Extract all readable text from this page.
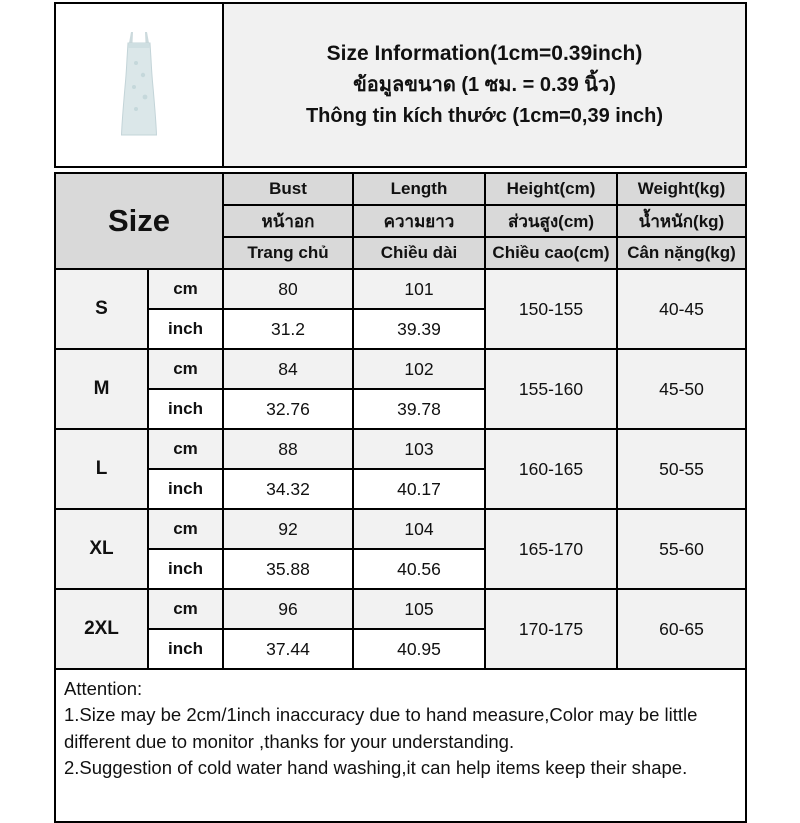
Size Information(1cm=0.39inch)
ข้อมูลขนาด (1 ซม. = 0.39 นิ้ว)
Thông tin kích thước (1cm=0,39 inch)
Size		Bust	Length	Height(cm)	Weight(kg)
		หน้าอก	ความยาว	ส่วนสูง(cm)	น้ำหนัก(kg)
		Trang chủ	Chiều dài	Chiều cao(cm)	Cân nặng(kg)
S	cm	80	101	150-155	40-45
	inch	31.2	39.39		
M	cm	84	102	155-160	45-50
	inch	32.76	39.78		
L	cm	88	103	160-165	50-55
	inch	34.32	40.17		
XL	cm	92	104	165-170	55-60
	inch	35.88	40.56		
2XL	cm	96	105	170-175	60-65
	inch	37.44	40.95		

Attention:
1.Size may be 2cm/1inch inaccuracy due to hand measure,Color may be little different due to monitor ,thanks for your understanding.
2.Suggestion of cold water hand washing,it can help items keep their shape.					
